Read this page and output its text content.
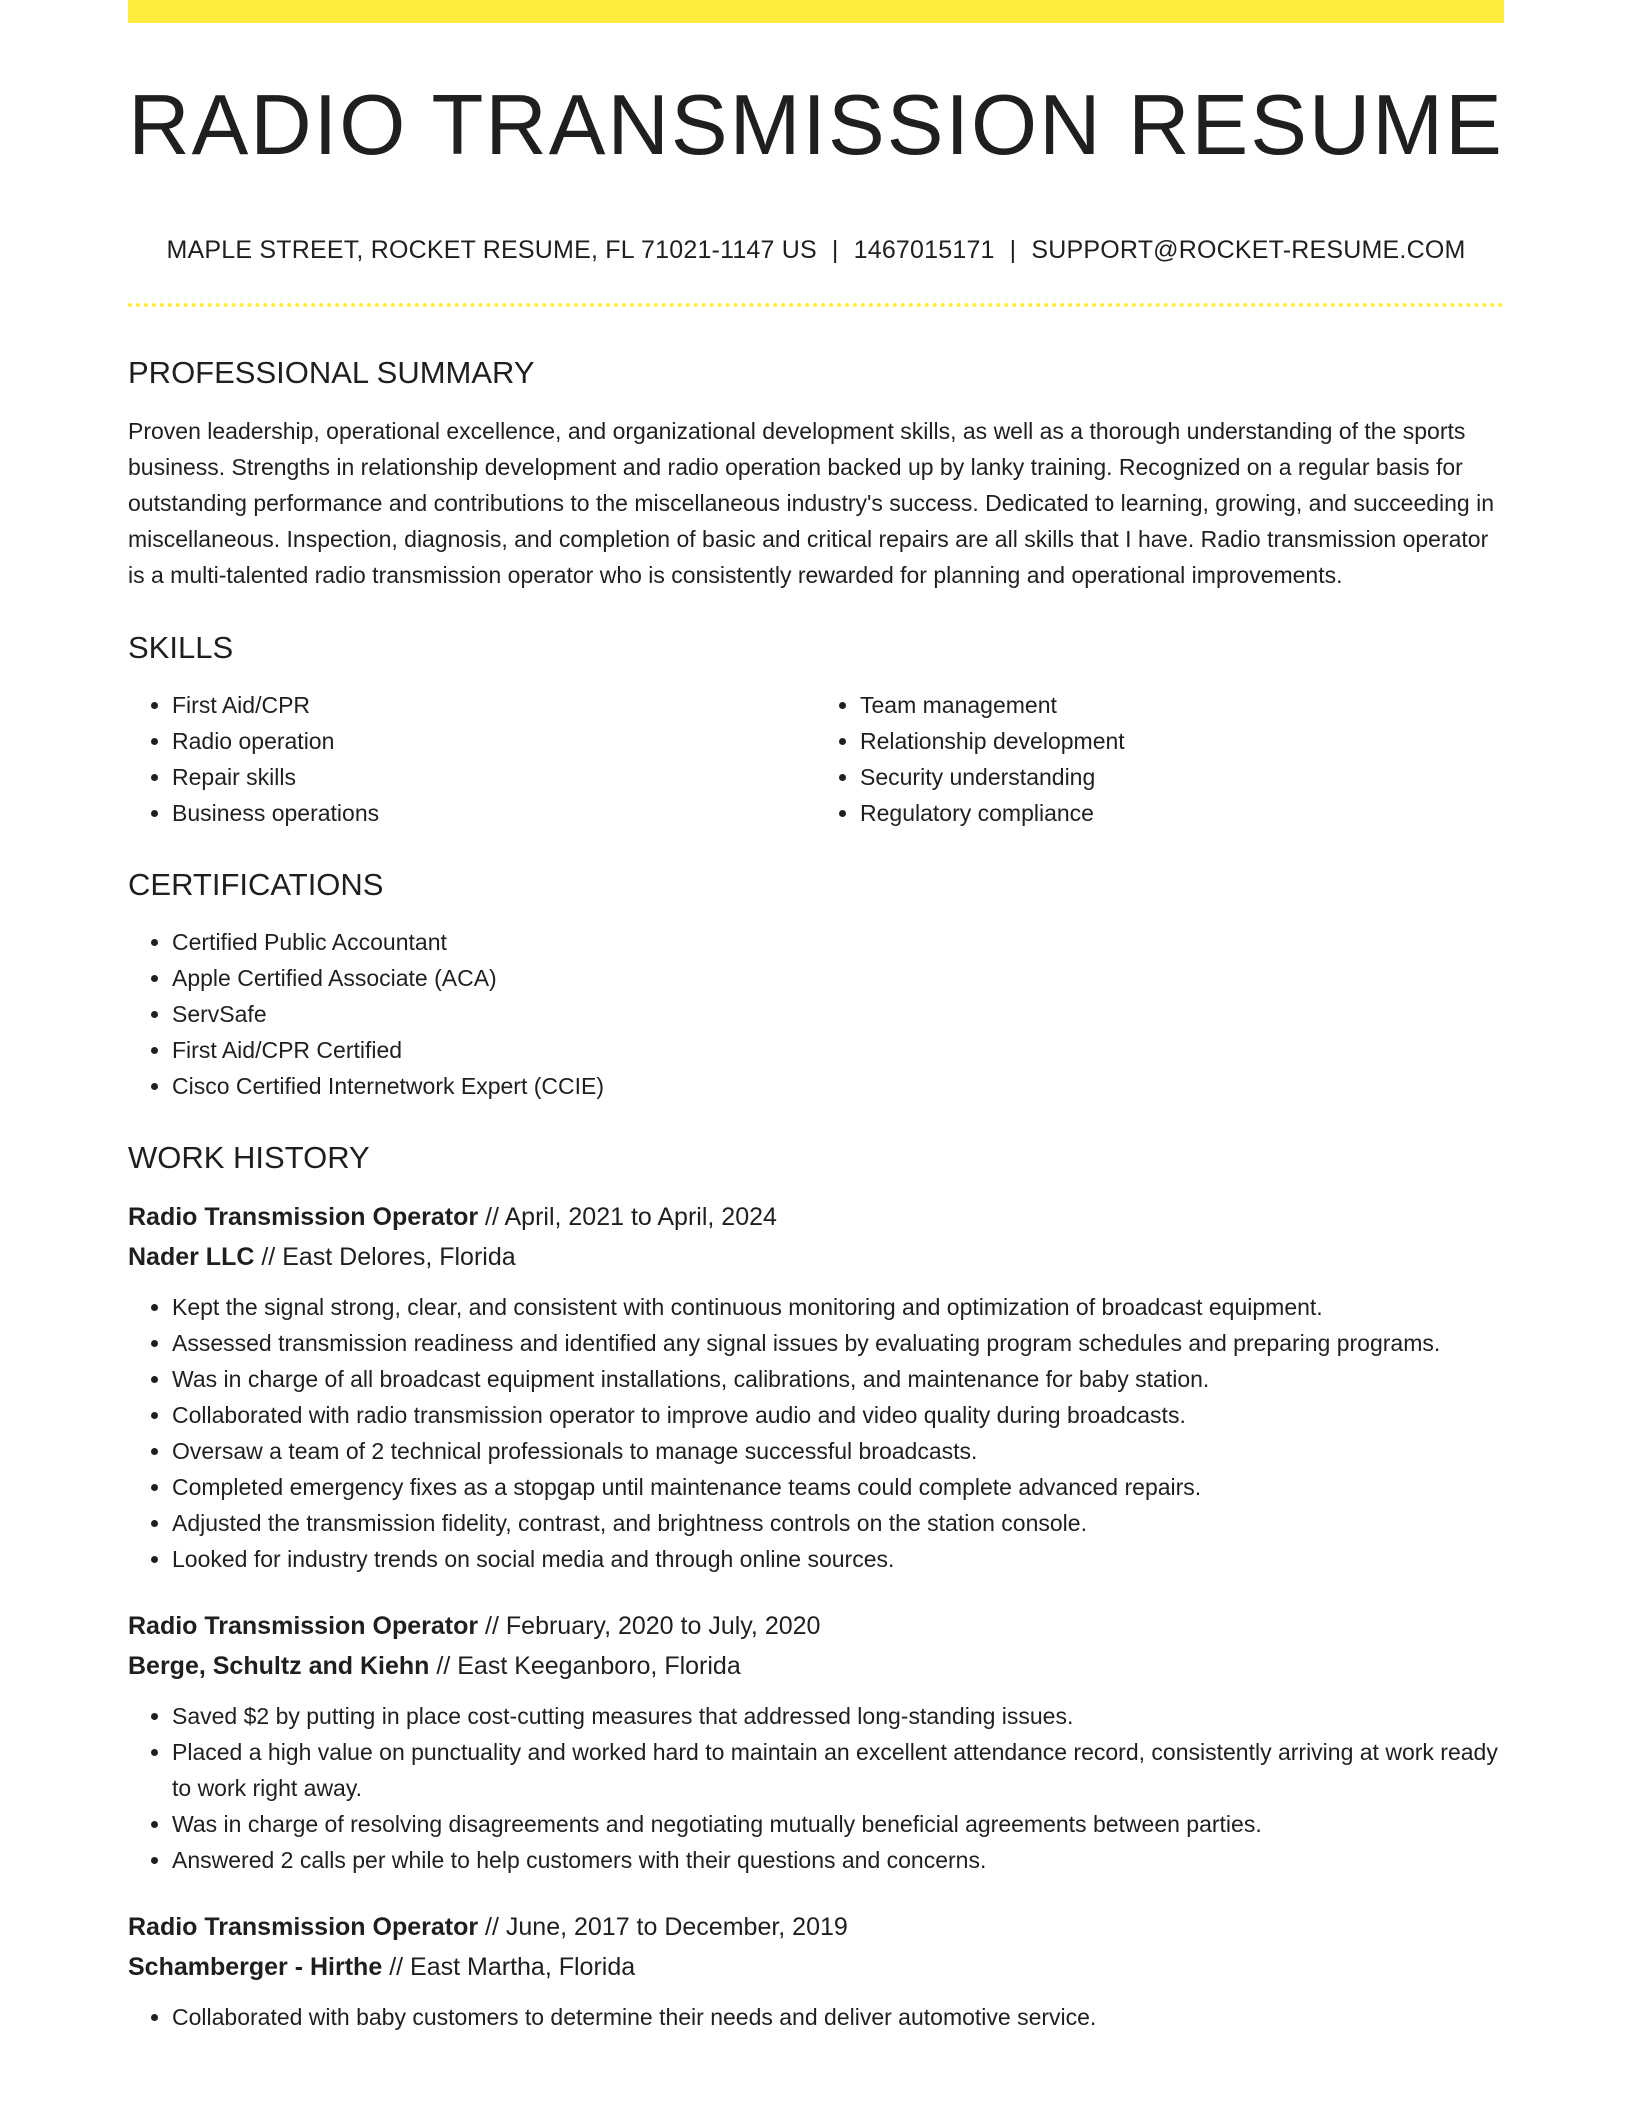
RADIO TRANSMISSION RESUME
MAPLE STREET, ROCKET RESUME, FL 71021-1147 US | 1467015171 | SUPPORT@ROCKET-RESUME.COM
PROFESSIONAL SUMMARY

Proven leadership, operational excellence, and organizational development skills, as well as a thorough understanding of the sports business. Strengths in relationship development and radio operation backed up by lanky training. Recognized on a regular basis for outstanding performance and contributions to the miscellaneous industry's success. Dedicated to learning, growing, and succeeding in miscellaneous. Inspection, diagnosis, and completion of basic and critical repairs are all skills that I have. Radio transmission operator is a multi-talented radio transmission operator who is consistently rewarded for planning and operational improvements.

SKILLS
• First Aid/CPR
• Radio operation
• Repair skills
• Business operations
• Team management
• Relationship development
• Security understanding
• Regulatory compliance
CERTIFICATIONS
• Certified Public Accountant
• Apple Certified Associate (ACA)
• ServSafe
• First Aid/CPR Certified
• Cisco Certified Internetwork Expert (CCIE)
WORK HISTORY
Radio Transmission Operator // April, 2021 to April, 2024
Nader LLC // East Delores, Florida
• Kept the signal strong, clear, and consistent with continuous monitoring and optimization of broadcast equipment.
• Assessed transmission readiness and identified any signal issues by evaluating program schedules and preparing programs.
• Was in charge of all broadcast equipment installations, calibrations, and maintenance for baby station.
• Collaborated with radio transmission operator to improve audio and video quality during broadcasts.
• Oversaw a team of 2 technical professionals to manage successful broadcasts.
• Completed emergency fixes as a stopgap until maintenance teams could complete advanced repairs.
• Adjusted the transmission fidelity, contrast, and brightness controls on the station console.
• Looked for industry trends on social media and through online sources.
Radio Transmission Operator // February, 2020 to July, 2020
Berge, Schultz and Kiehn // East Keeganboro, Florida
• Saved $2 by putting in place cost-cutting measures that addressed long-standing issues.
• Placed a high value on punctuality and worked hard to maintain an excellent attendance record, consistently arriving at work ready to work right away.
• Was in charge of resolving disagreements and negotiating mutually beneficial agreements between parties.
• Answered 2 calls per while to help customers with their questions and concerns.
Radio Transmission Operator // June, 2017 to December, 2019
Schamberger - Hirthe // East Martha, Florida
• Collaborated with baby customers to determine their needs and deliver automotive service.
